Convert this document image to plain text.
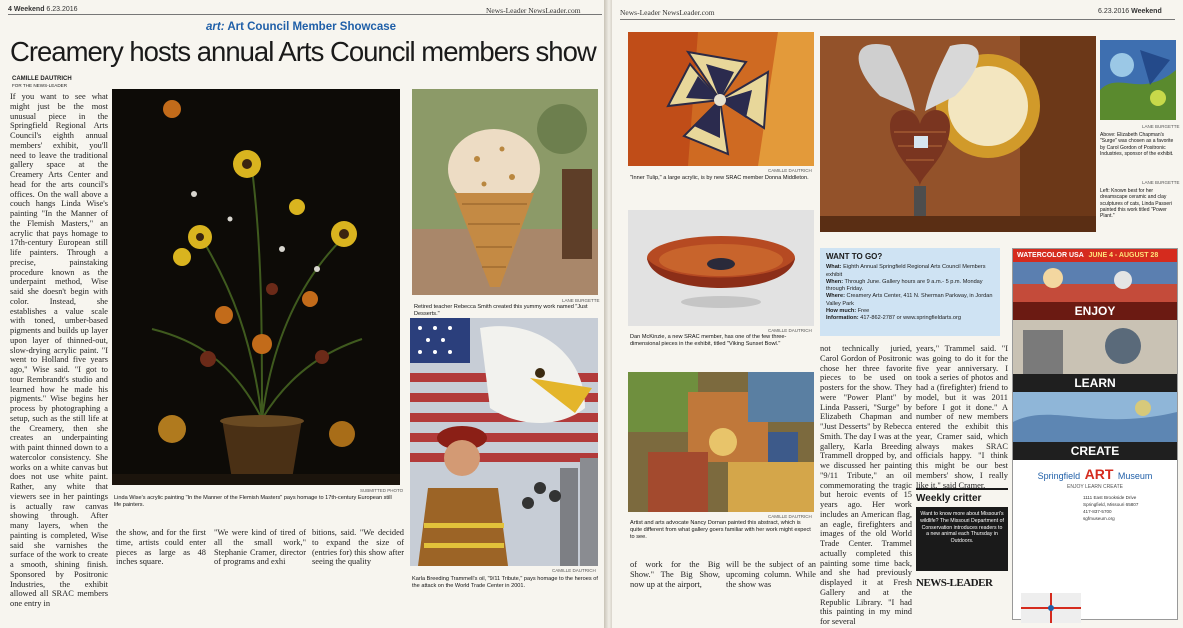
4 Weekend 6.23.2016	News-Leader NewsLeader.com
art: Art Council Member Showcase
Creamery hosts annual Arts Council members show
CAMILLE DAUTRICH
FOR THE NEWS-LEADER
If you want to see what might just be the most unusual piece in the Springfield Regional Arts Council's eighth annual members' exhibit, you'll need to leave the traditional gallery space at the Creamery Arts Center and head for the arts council's offices. On the wall above a couch hangs Linda Wise's painting "In the Manner of the Flemish Masters," an acrylic that pays homage to 17th-century European still life painters. Through a precise, painstaking procedure known as the underpaint method, Wise said she doesn't begin with color. Instead, she establishes a value scale with toned, umber-based pigments and builds up layer upon layer of thinned-out, slow-drying acrylic paint. "I went to Holland five years ago," Wise said. "I got to tour Rembrandt's studio and learned how he made his pigments." Wise begins her process by photographing a setup, such as the still life at the Creamery, then she creates an underpainting with paint thinned down to a watercolor consistency. She works on a white canvas but does not use white paint. Rather, any white that viewers see in her paintings is actually raw canvas showing through. After many layers, when the painting is completed, Wise said she varnishes the surface of the work to create a smooth, shining finish. Sponsored by Positronic Industries, the exhibit allowed all SRAC members one entry in
the show, and for the first time, artists could enter pieces as large as 48 inches square.
"We were kind of tired of all the small work," Stephanie Cramer, director of programs and exhi
bitions, said. "We decided to expand the size of (entries for) this show after seeing the quality
SUBMITTED PHOTO
Linda Wise's acrylic painting "In the Manner of the Flemish Masters" pays homage to 17th-century European still life painters.
LANE BURGETTE
Retired teacher Rebecca Smith created this yummy work named "Just Desserts."
CAMILLE DAUTRICH
Karla Breeding Trammell's oil, "9/11 Tribute," pays homage to the heroes of the attack on the World Trade Center in 2001.
News-Leader NewsLeader.com	6.23.2016 Weekend
CAMILLE DAUTRICH
"Inner Tulip," a large acrylic, is by new SRAC member Donna Middleton.
LANE BURGETTE
Above: Elizabeth Chapman's "Surge" was chosen as a favorite by Carol Gordon of Positronic Industries, sponsor of the exhibit.
LANE BURGETTE
Left: Known best for her dreamscape ceramic and clay sculptures of cats, Linda Passeri painted this work titled "Power Plant."
CAMILLE DAUTRICH
Dan McKinzie, a new SRAC member, has one of the few three-dimensional pieces in the exhibit, titled "Viking Sunset Bowl."
CAMILLE DAUTRICH
Artist and arts advocate Nancy Dornan painted this abstract, which is quite different from what gallery goers familiar with her work might expect to see.
WANT TO GO?
What: Eighth Annual Springfield Regional Arts Council Members exhibit
When: Through June. Gallery hours are 9 a.m.- 5 p.m. Monday through Friday.
Where: Creamery Arts Center, 411 N. Sherman Parkway, in Jordan Valley Park
How much: Free
Information: 417-862-2787 or www.springfieldarts.org
of work for the Big Show." The Big Show, now up at the airport,
will be the subject of an upcoming column. While the show was
not technically juried, Carol Gordon of Positronic chose her three favorite pieces to be used on posters for the show. They were "Power Plant" by Linda Passeri, "Surge" by Elizabeth Chapman and "Just Desserts" by Rebecca Smith. The day I was at the gallery, Karla Breeding Trammell dropped by, and we discussed her painting "9/11 Tribute," an oil commemorating the tragic but heroic events of 15 years ago. Her work includes an American flag, an eagle, firefighters and images of the old World Trade Center. Trammel actually completed this painting some time back, and she had previously displayed it at Fresh Gallery and at the Republic Library. "I had this painting in my mind for several
years," Trammel said. "I was going to do it for the five year anniversary. I took a series of photos and had a (firefighter) friend to model, but it was 2011 before I got it done." A number of new members entered the exhibit this year, Cramer said, which always makes SRAC officials happy. "I think this might be our best members' show, I really like it," said Cramer.
Weekly critter
Want to know more about Missouri's wildlife? The Missouri Department of Conservation introduces readers to a new animal each Thursday in Outdoors.
NEWS-LEADER
WATERCOLOR USA JUNE 4 - AUGUST 28
ENJOY
LEARN
CREATE
Springfield ART Museum
ENJOY LEARN CREATE
1111 East Brookside Drive
Springfield, Missouri 65807
417-837-5700
sgfmuseum.org
